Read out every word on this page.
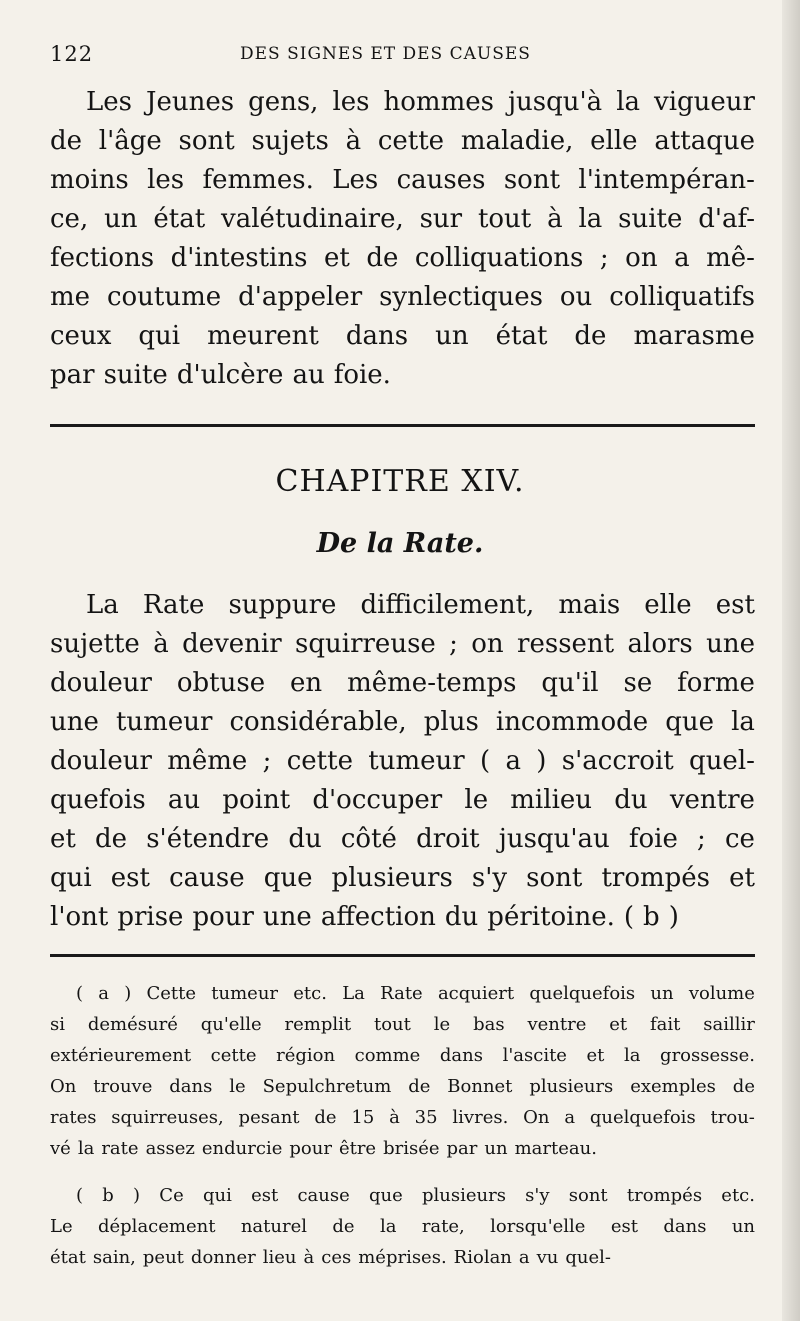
122	DES SIGNES ET DES CAUSES
Les Jeunes gens, les hommes jusqu'à la vigueur
de l'âge sont sujets à cette maladie, elle attaque
moins les femmes. Les causes sont l'intempéran-
ce, un état valétudinaire, sur tout à la suite d'af-
fections d'intestins et de colliquations ; on a mê-
me coutume d'appeler synlectiques ou colliquatifs
ceux qui meurent dans un état de marasme
par suite d'ulcère au foie.
CHAPITRE XIV.
De la Rate.
La Rate suppure difficilement, mais elle est
sujette à devenir squirreuse ; on ressent alors une
douleur obtuse en même-temps qu'il se forme
une tumeur considérable, plus incommode que la
douleur même ; cette tumeur ( a ) s'accroit quel-
quefois au point d'occuper le milieu du ventre
et de s'étendre du côté droit jusqu'au foie ; ce
qui est cause que plusieurs s'y sont trompés et
l'ont prise pour une affection du péritoine. ( b )
( a ) Cette tumeur etc. La Rate acquiert quelquefois un volume
si demésuré qu'elle remplit tout le bas ventre et fait saillir
extérieurement cette région comme dans l'ascite et la grossesse.
On trouve dans le Sepulchretum de Bonnet plusieurs exemples de
rates squirreuses, pesant de 15 à 35 livres. On a quelquefois trou-
vé la rate assez endurcie pour être brisée par un marteau.
( b ) Ce qui est cause que plusieurs s'y sont trompés etc.
Le déplacement naturel de la rate, lorsqu'elle est dans un
état sain, peut donner lieu à ces méprises. Riolan a vu quel-
